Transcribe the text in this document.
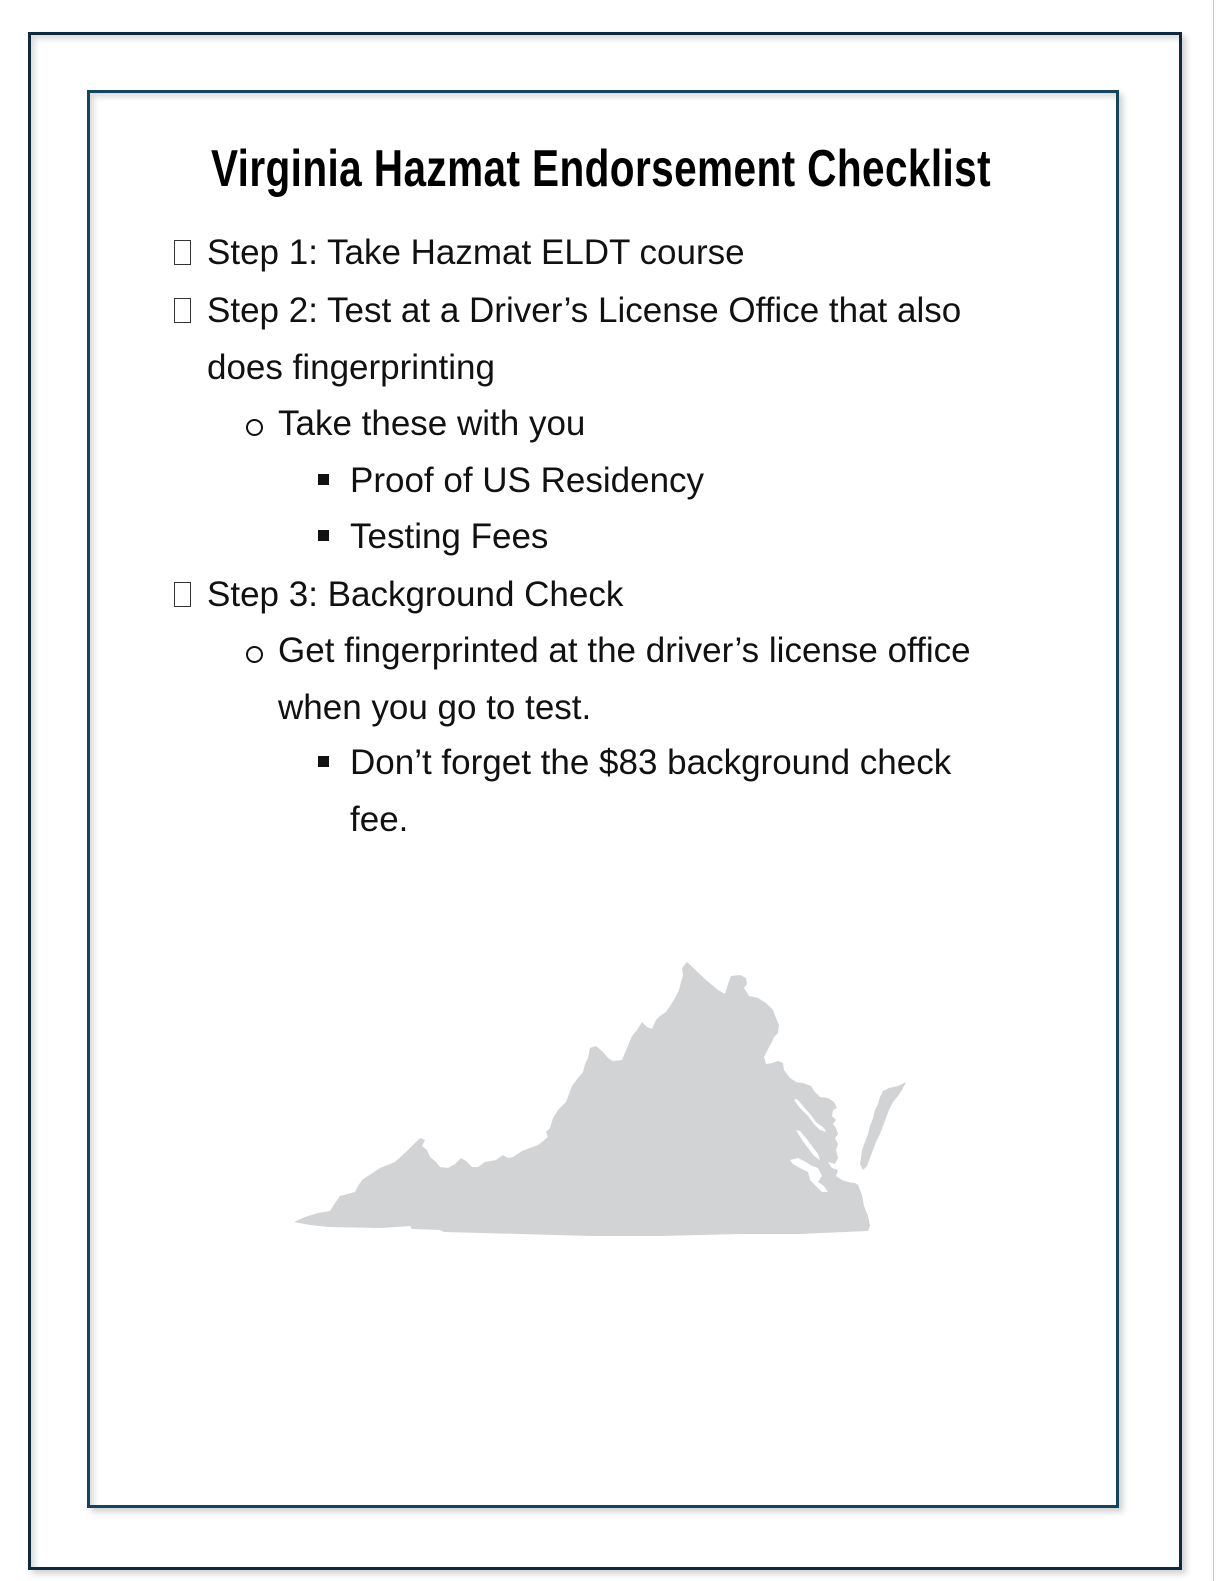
Virginia Hazmat Endorsement Checklist
Step 1: Take Hazmat ELDT course
Step 2: Test at a Driver’s License Office that also
does fingerprinting
Take these with you
Proof of US Residency
Testing Fees
Step 3: Background Check
Get fingerprinted at the driver’s license office
when you go to test.
Don’t forget the $83 background check
fee.
